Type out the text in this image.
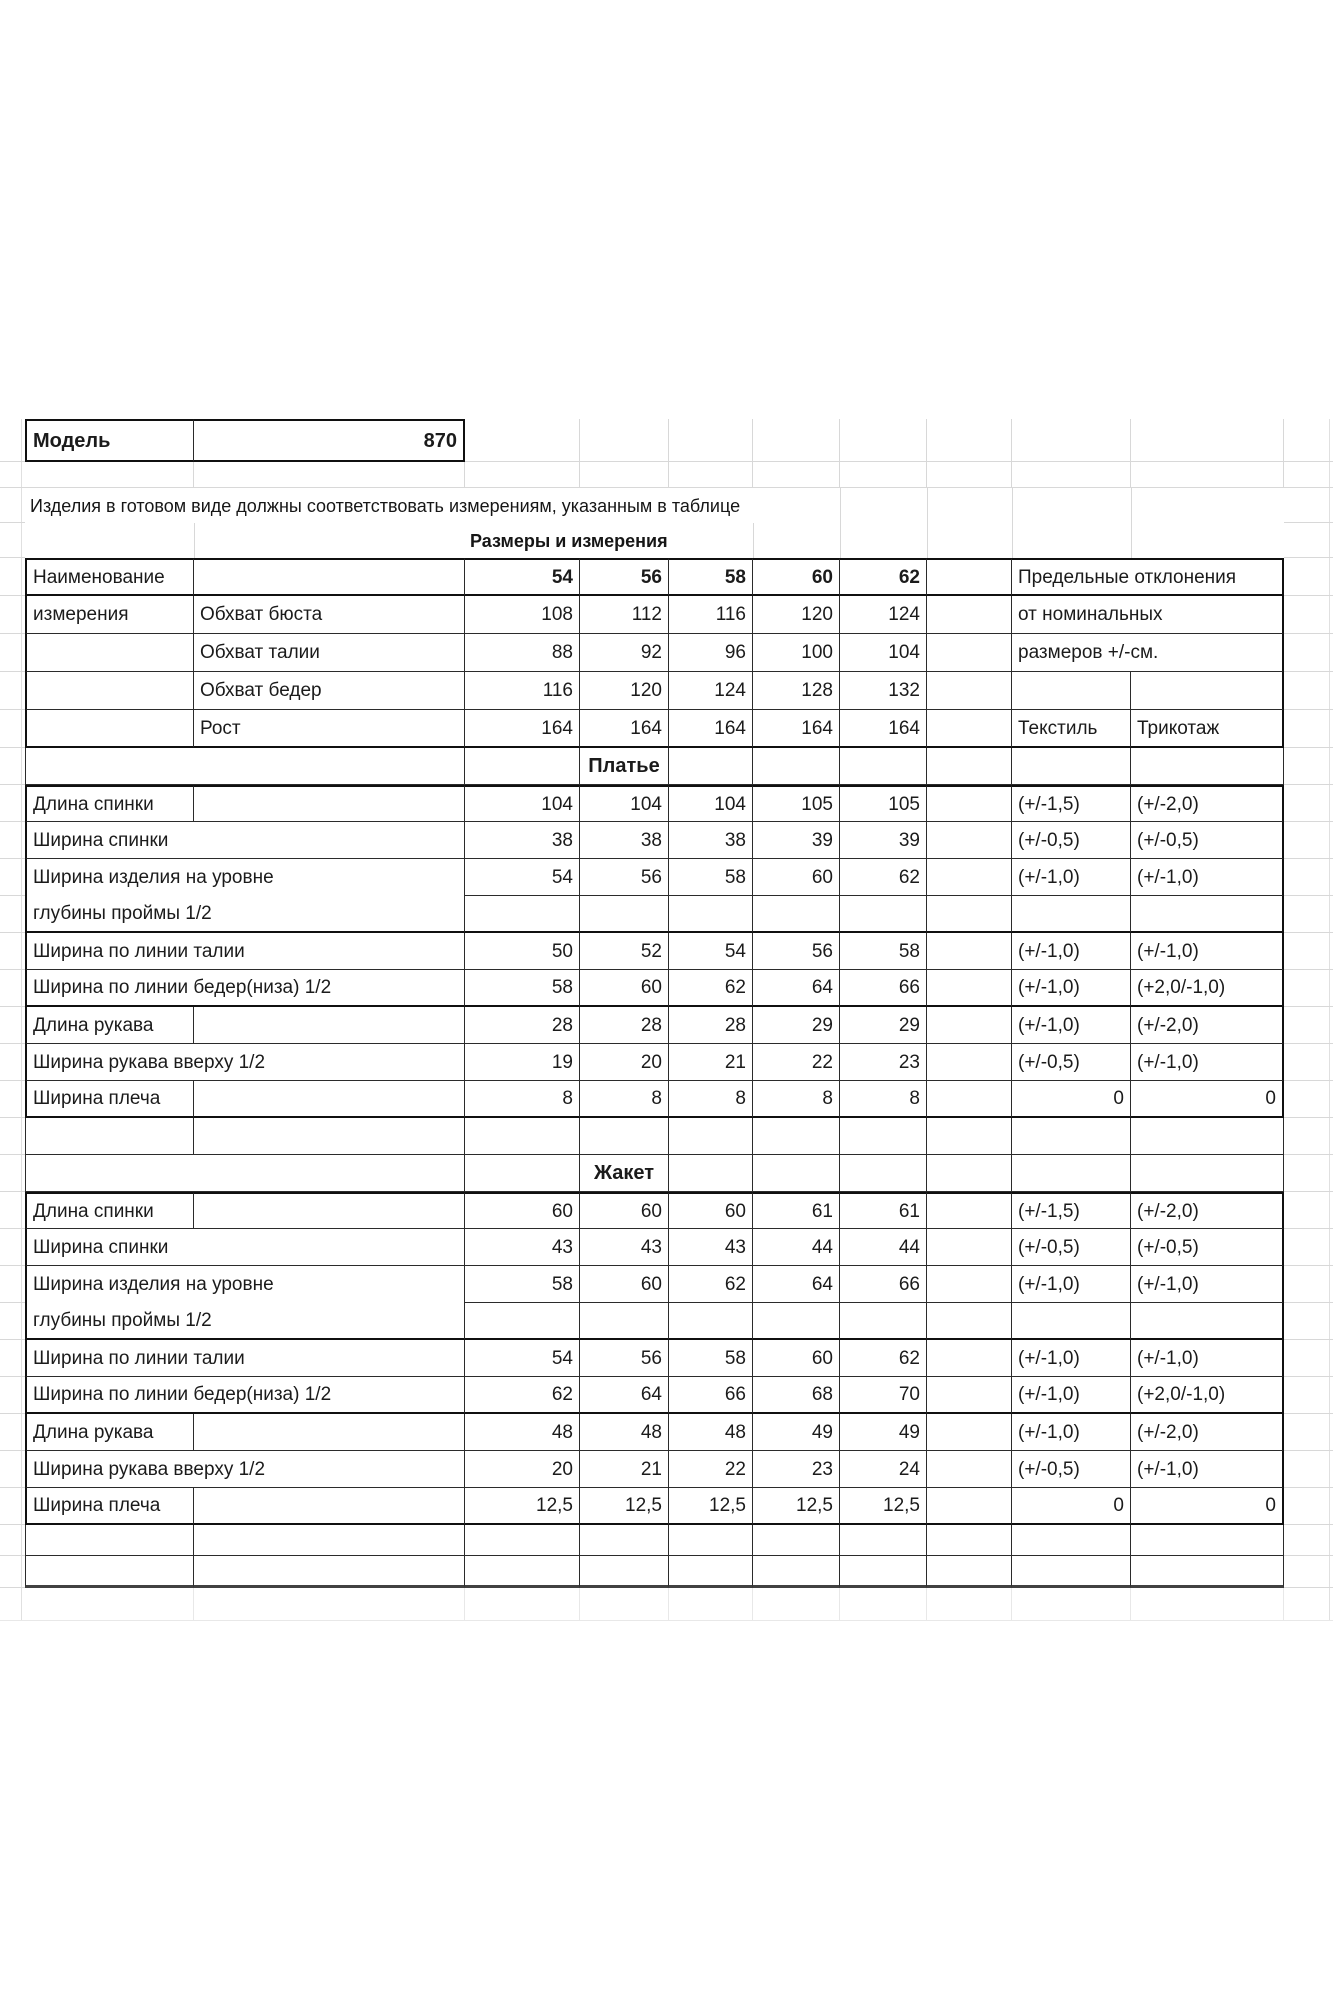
Модель	870
Изделия в готовом виде должны соответствовать измерениям, указанным в таблице
Размеры и измерения
Наименование	54	56	58	60	62	Предельные отклонения
измерения	Обхват бюста	108	112	116	120	124	от номинальных
Обхват талии	88	92	96	100	104	размеров +/-см.
Обхват бедер	116	120	124	128	132
Рост	164	164	164	164	164	Текстиль	Трикотаж
Платье
Длина спинки	104	104	104	105	105	(+/-1,5)	(+/-2,0)
Ширина спинки	38	38	38	39	39	(+/-0,5)	(+/-0,5)
Ширина изделия на уровне	54	56	58	60	62	(+/-1,0)	(+/-1,0)
глубины проймы 1/2
Ширина по линии талии	50	52	54	56	58	(+/-1,0)	(+/-1,0)
Ширина по линии бедер(низа) 1/2	58	60	62	64	66	(+/-1,0)	(+2,0/-1,0)
Длина рукава	28	28	28	29	29	(+/-1,0)	(+/-2,0)
Ширина рукава вверху 1/2	19	20	21	22	23	(+/-0,5)	(+/-1,0)
Ширина плеча	8	8	8	8	8	0	0
Жакет
Длина спинки	60	60	60	61	61	(+/-1,5)	(+/-2,0)
Ширина спинки	43	43	43	44	44	(+/-0,5)	(+/-0,5)
Ширина изделия на уровне	58	60	62	64	66	(+/-1,0)	(+/-1,0)
глубины проймы 1/2
Ширина по линии талии	54	56	58	60	62	(+/-1,0)	(+/-1,0)
Ширина по линии бедер(низа) 1/2	62	64	66	68	70	(+/-1,0)	(+2,0/-1,0)
Длина рукава	48	48	48	49	49	(+/-1,0)	(+/-2,0)
Ширина рукава вверху 1/2	20	21	22	23	24	(+/-0,5)	(+/-1,0)
Ширина плеча	12,5	12,5	12,5	12,5	12,5	0	0
